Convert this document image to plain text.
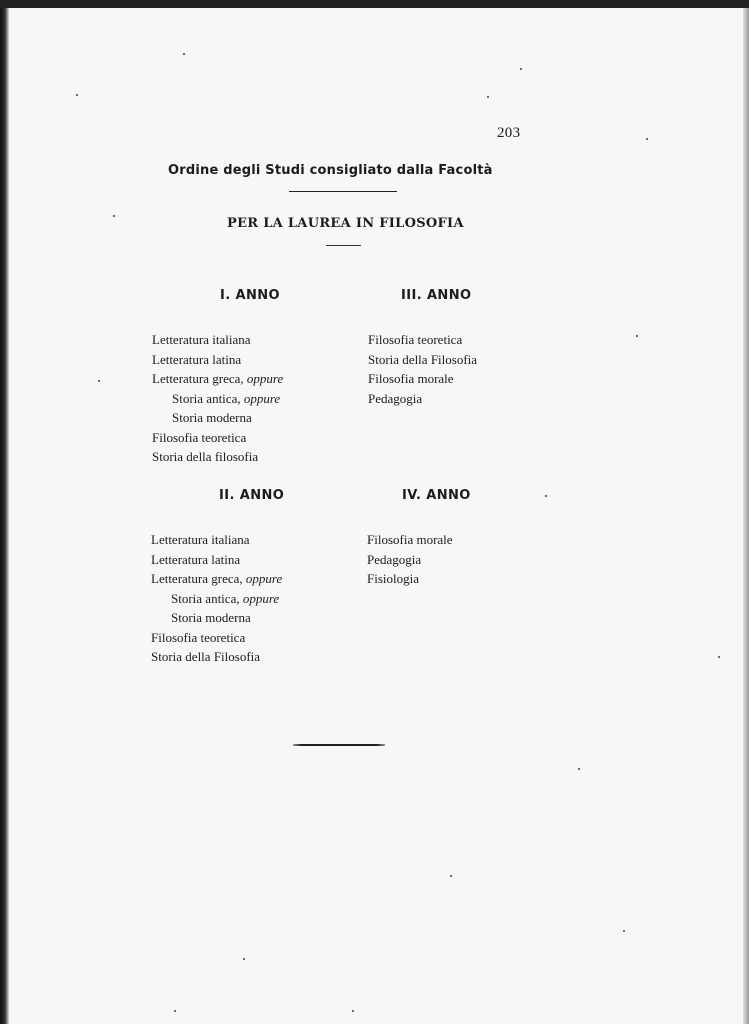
203
Ordine degli Studi consigliato dalla Facoltà
PER LA LAUREA IN FILOSOFIA
I. ANNO
Letteratura italiana
Letteratura latina
Letteratura greca, oppure
Storia antica, oppure
Storia moderna
Filosofia teoretica
Storia della filosofia
III. ANNO
Filosofia teoretica
Storia della Filosofia
Filosofia morale
Pedagogia
II. ANNO
Letteratura italiana
Letteratura latina
Letteratura greca, oppure
Storia antica, oppure
Storia moderna
Filosofia teoretica
Storia della Filosofia
IV. ANNO
Filosofia morale
Pedagogia
Fisiologia
